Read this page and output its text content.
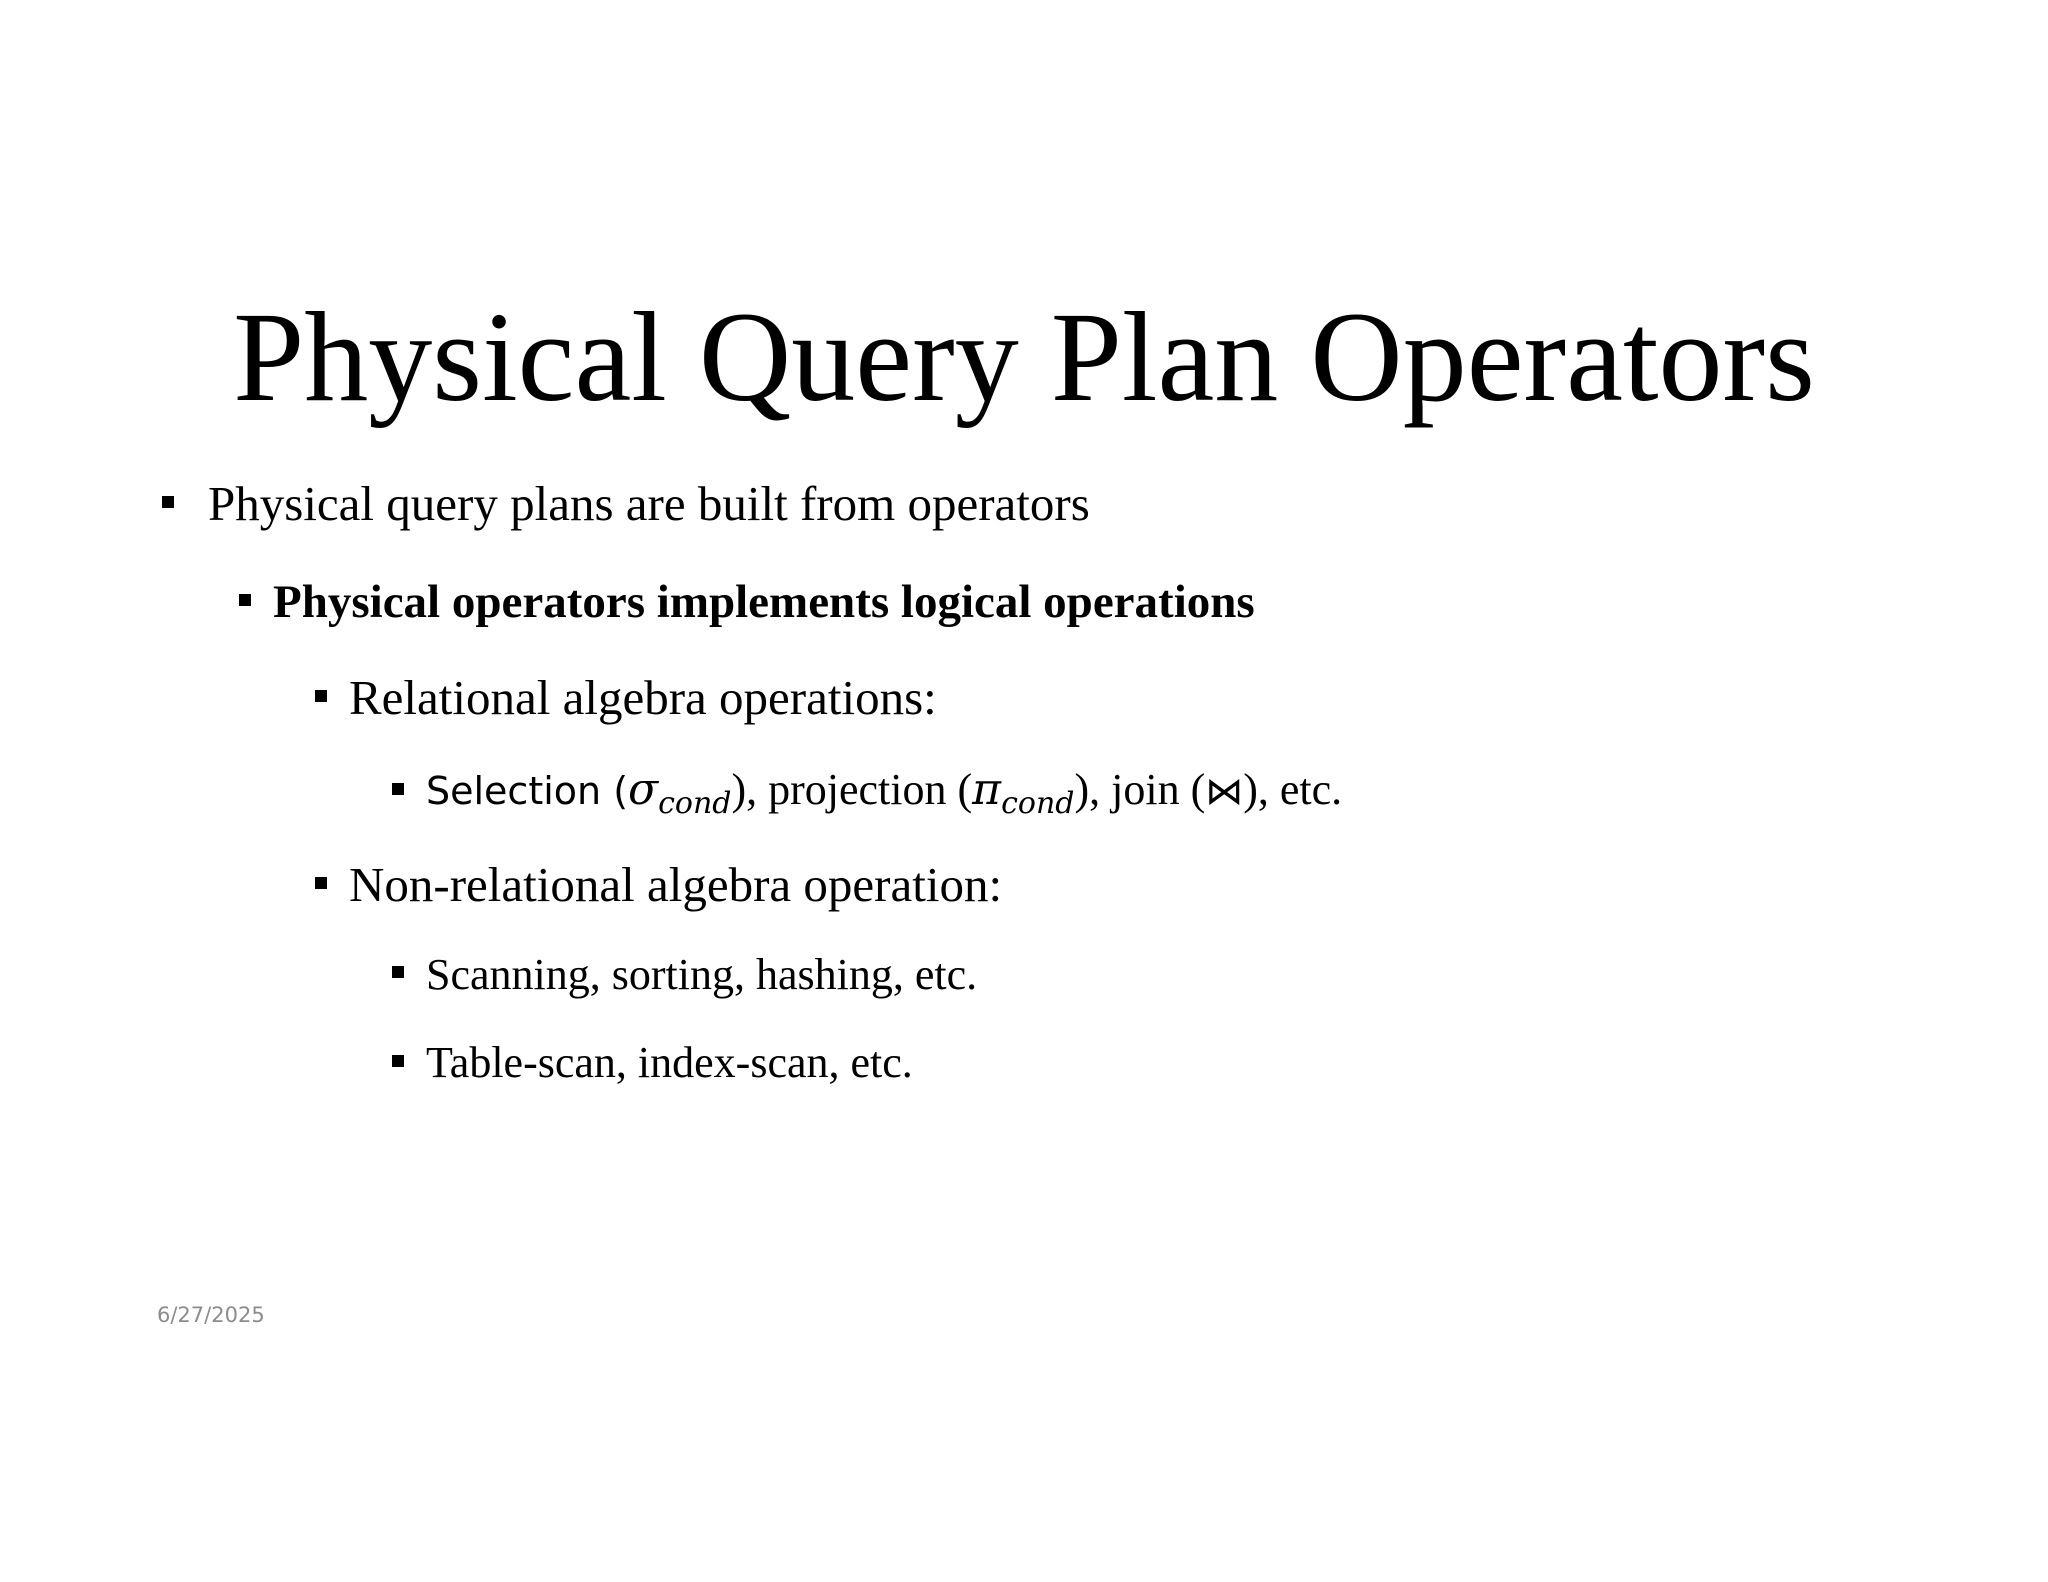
Physical Query Plan Operators
Physical query plans are built from operators
Physical operators implements logical operations
Relational algebra operations:
Selection $(\sigma_{cond})$, projection $(\pi_{cond})$, join (⋈), etc.
Non-relational algebra operation:
Scanning, sorting, hashing, etc.
Table-scan, index-scan, etc.
6/27/2025
